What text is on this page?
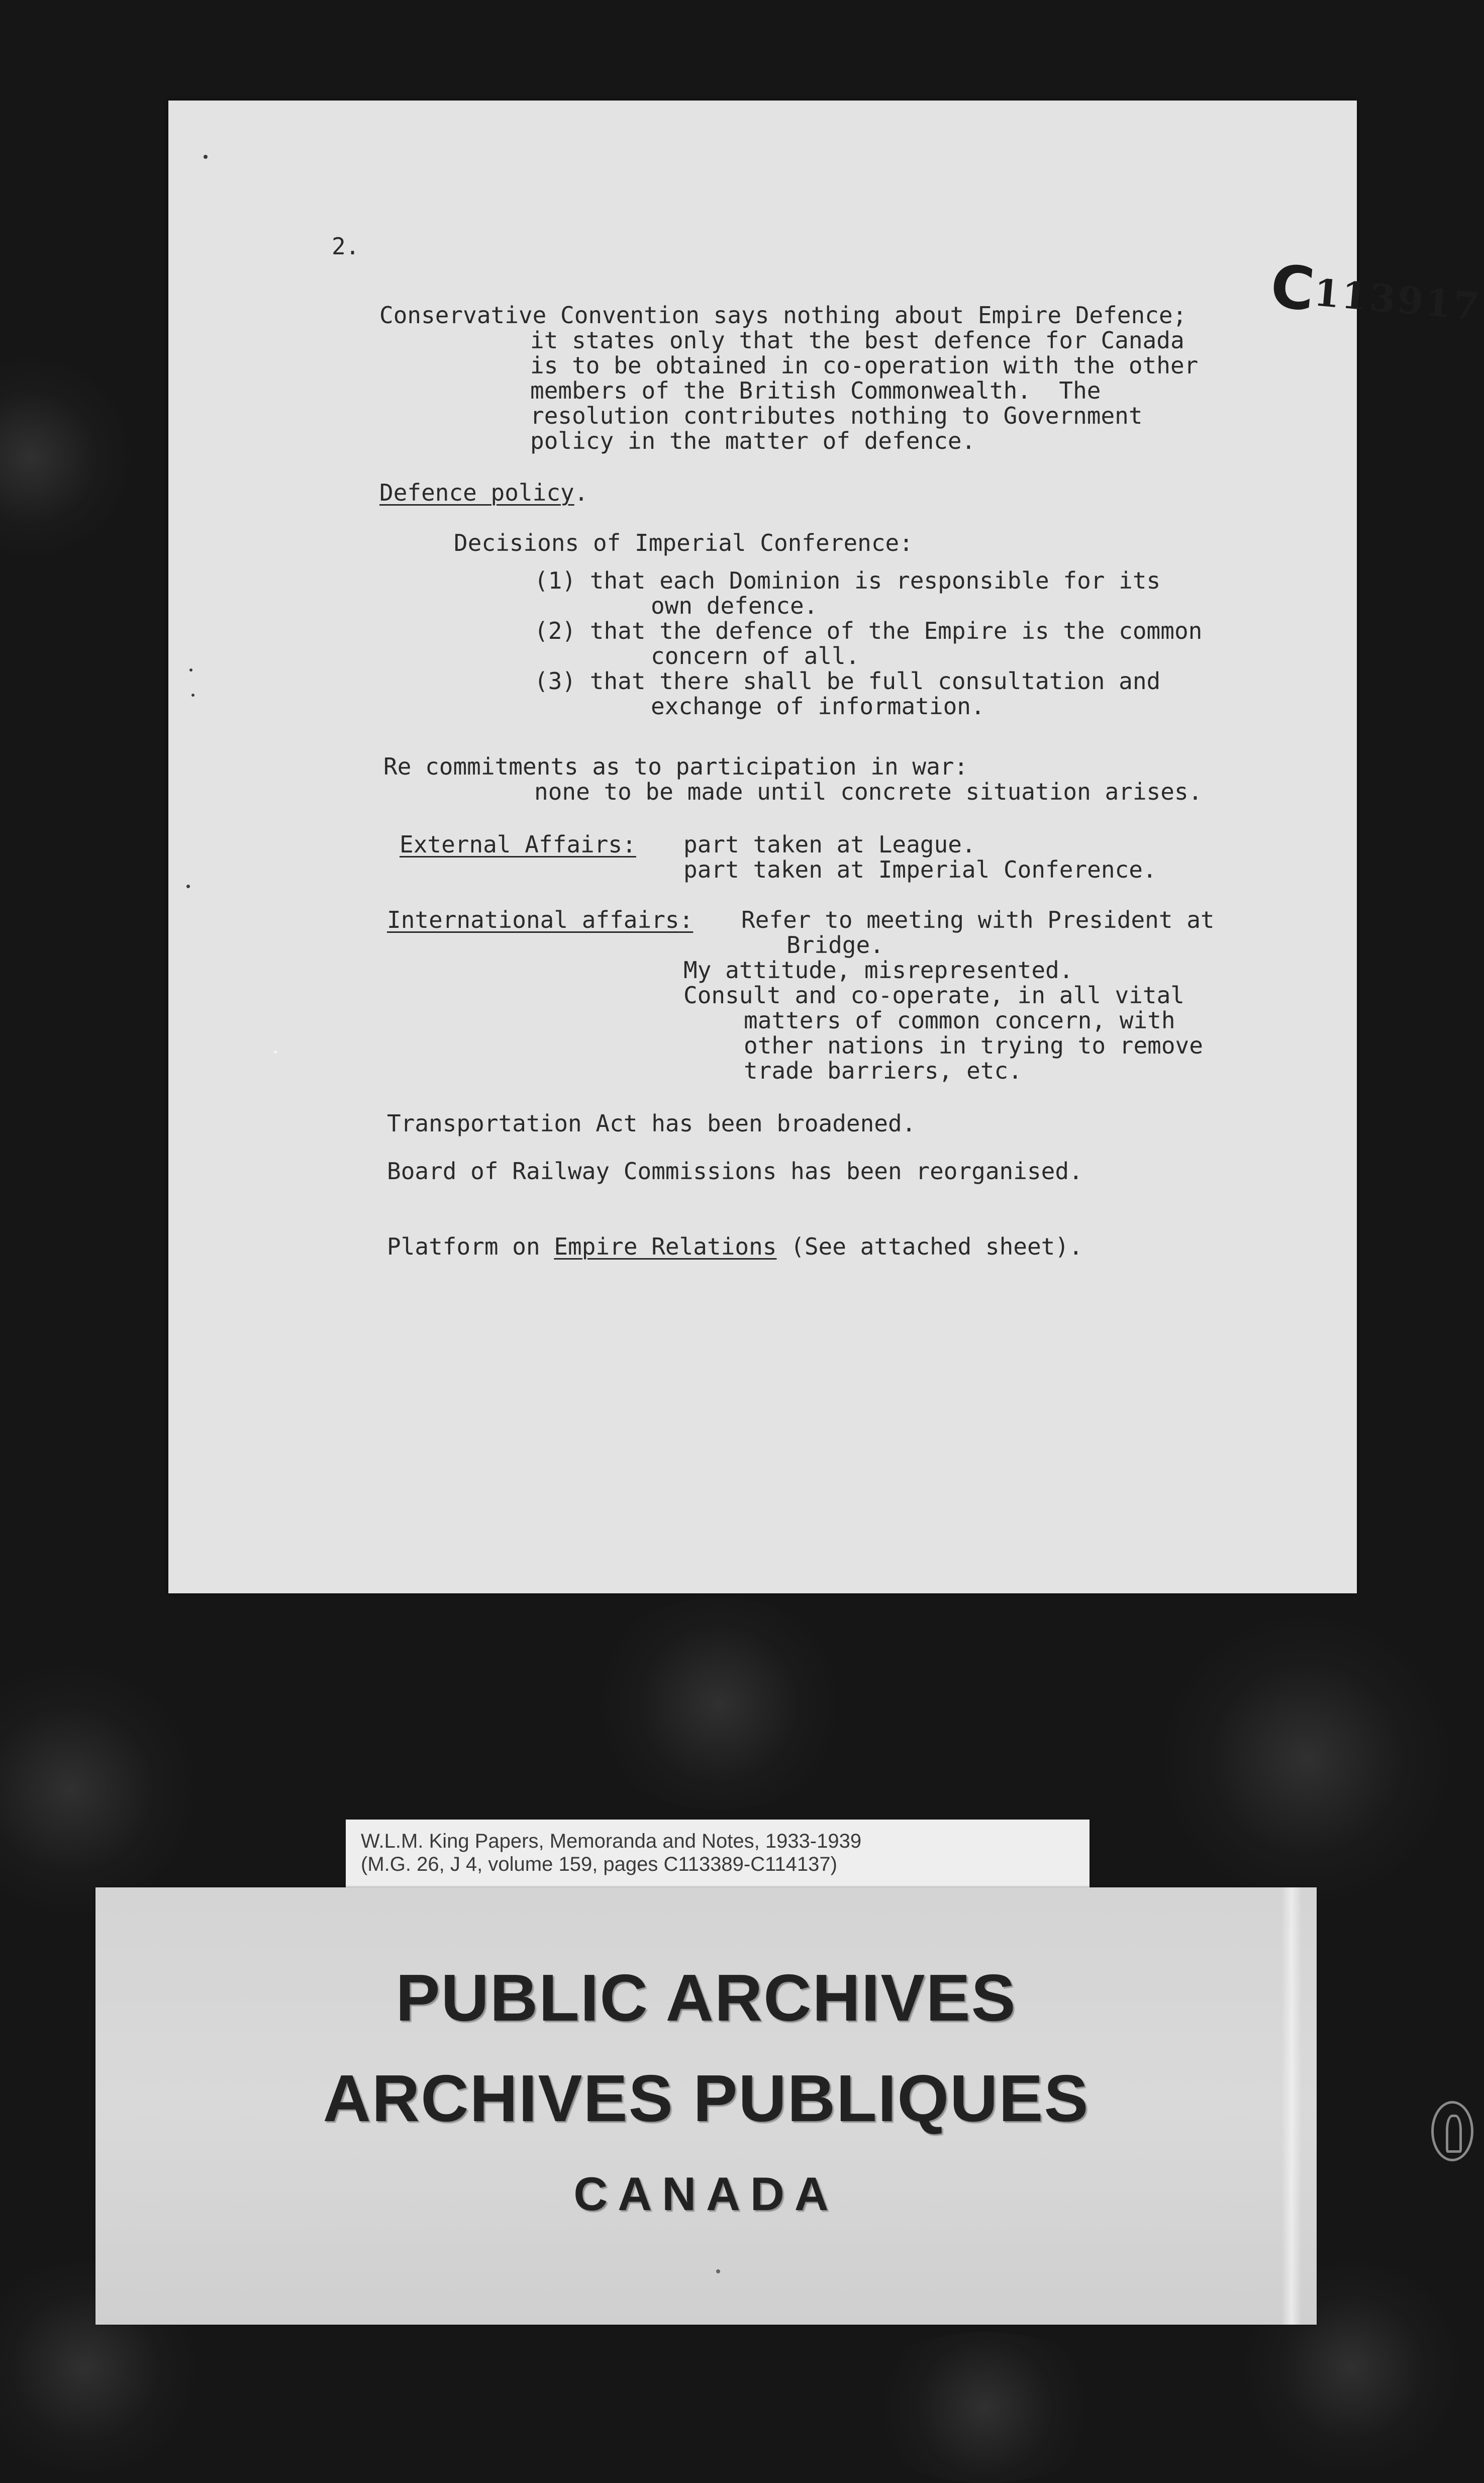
C113917

2.

Conservative Convention says nothing about Empire Defence;

it states only that the best defence for Canada

is to be obtained in co-operation with the other

members of the British Commonwealth.  The

resolution contributes nothing to Government

policy in the matter of defence.

Defence policy.

Decisions of Imperial Conference:

(1) that each Dominion is responsible for its

own defence.

(2) that the defence of the Empire is the common

concern of all.

(3) that there shall be full consultation and

exchange of information.

Re commitments as to participation in war:

none to be made until concrete situation arises.

External Affairs: part taken at League.

part taken at Imperial Conference.

International affairs: Refer to meeting with President at

Bridge.

My attitude, misrepresented.

Consult and co-operate, in all vital

matters of common concern, with

other nations in trying to remove

trade barriers, etc.

Transportation Act has been broadened.

Board of Railway Commissions has been reorganised.

Platform on Empire Relations (See attached sheet).

W.L.M. King Papers, Memoranda and Notes, 1933-1939

(M.G. 26, J 4, volume 159, pages C113389-C114137)

PUBLIC ARCHIVES

ARCHIVES PUBLIQUES

CANADA
